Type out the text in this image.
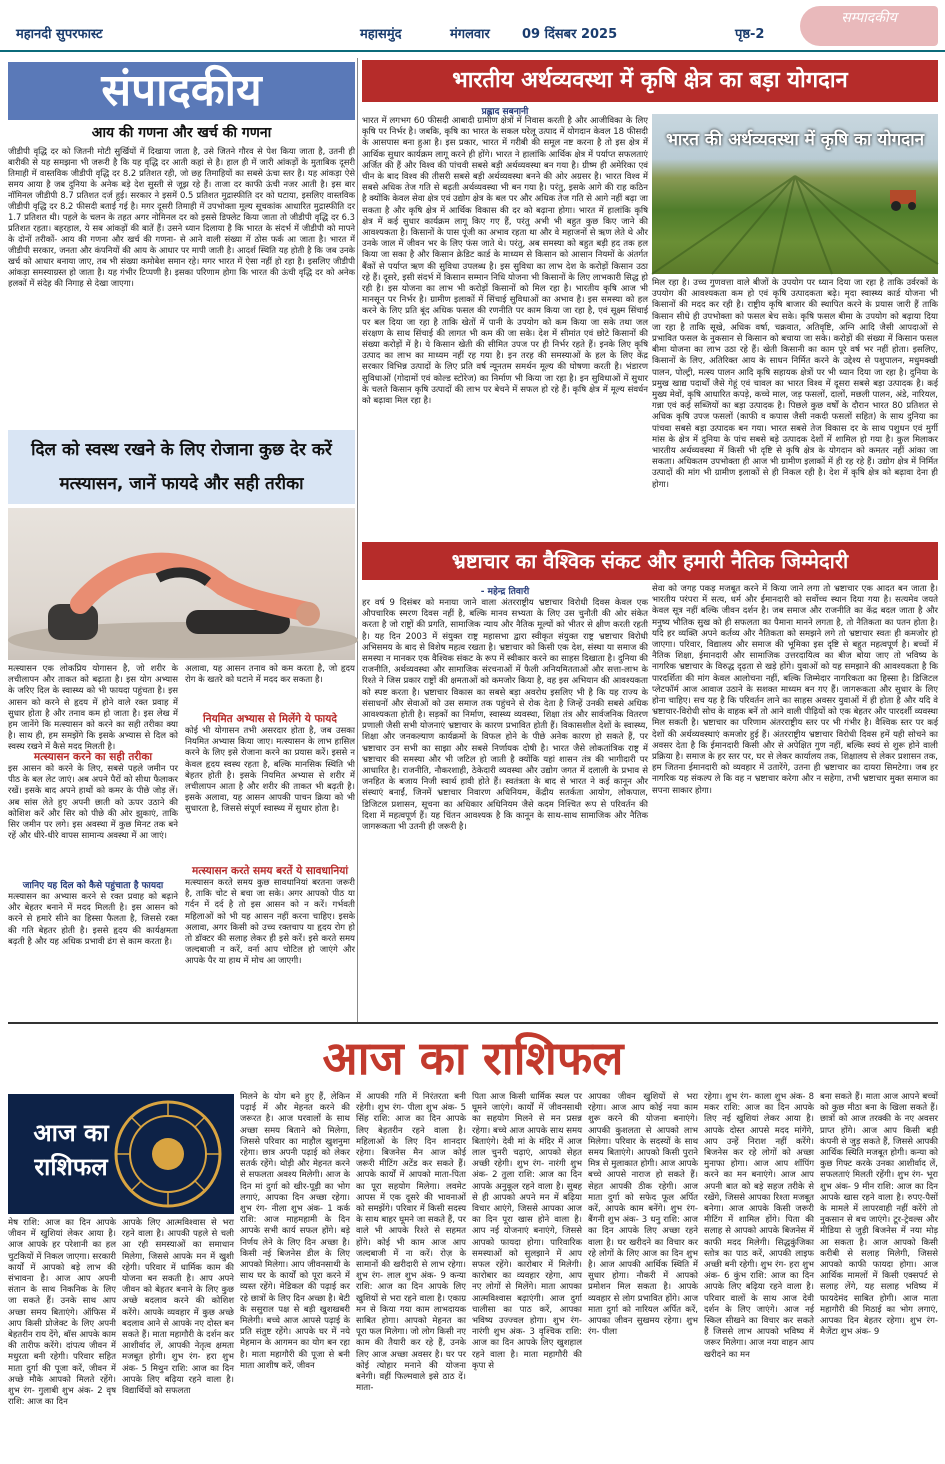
महानदी सुपरफास्ट	महासमुंद	मंगलवार 09 दिंसबर 2025	पृष्ठ-2
सम्पादकीय
संपादकीय
आय की गणना और खर्च की गणना
जीडीपी वृद्धि दर को जितनी मोटी सुर्खियों में दिखाया जाता है, उसे जितने गौरव से पेश किया जाता है, उतनी ही बारीकी से यह समझना भी जरूरी है कि यह वृद्धि दर आती कहां से है। हाल ही में जारी आंकड़ों के मुताबिक दूसरी तिमाही में वास्तविक जीडीपी वृद्धि दर 8.2 प्रतिशत रही, जो छह तिमाहियों का सबसे ऊंचा स्तर है। यह आंकड़ा ऐसे समय आया है जब दुनिया के अनेक बड़े देश सुस्ती से जूझ रहे हैं। ताजा दर काफी ऊंची नजर आती है। इस बार नॉमिनल जीडीपी 8.7 प्रतिशत दर्ज हुई। सरकार ने इसमें 0.5 प्रतिशत मुद्रास्फीति दर को घटाया, इसलिए वास्तविक जीडीपी वृद्धि दर 8.2 फीसदी बताई गई है। मगर दूसरी तिमाही में उपभोक्ता मूल्य सूचकांक आधारित मुद्रास्फीति दर 1.7 प्रतिशत थी। पहले के चलन के तहत अगर नोमिनल दर को इससे डिफ्लेट किया जाता तो जीडीपी वृद्धि दर 6.3 प्रतिशत रहता। बहरहाल, ये सब आंकड़ों की बातें हैं। उसने ध्यान दिलाया है कि भारत के संदर्भ में जीडीपी को मापने के दोनों तरीकों- आय की गणना और खर्च की गणना- से आने वाली संख्या में ठोस फर्क आ जाता है। भारत में जीडीपी सरकार, जनता और कंपनियों की आय के आधार पर मापी जाती है। आदर्श स्थिति यह होती है कि जब उनके खर्च को आधार बनाया जाए, तब भी संख्या कमोबेश समान रहे। मगर भारत में ऐसा नहीं हो रहा है। इसलिए जीडीपी आंकड़ा समस्याग्रस्त हो जाता है। यह गंभीर टिप्पणी है। इसका परिणाम होगा कि भारत की ऊंची वृद्धि दर को अनेक हलकों में संदेह की निगाह से देखा जाएगा।
दिल को स्वस्थ रखने के लिए रोजाना कुछ देर करें मत्स्यासन, जानें फायदे और सही तरीका
मत्स्यासन एक लोकप्रिय योगासन है, जो शरीर के लचीलापन और ताकत को बढ़ाता है। इस योग अभ्यास के जरिए दिल के स्वास्थ्य को भी फायदा पहुंचता है। इस आसन को करने से हृदय में होने वाले रक्त प्रवाह में सुधार होता है और तनाव कम हो जाता है। इस लेख में हम जानेंगे कि मत्स्यासन को करने का सही तरीका क्या है। साथ ही, हम समझेंगे कि इसके अभ्यास से दिल को स्वस्थ रखने में कैसे मदद मिलती है।
मत्स्यासन करने का सही तरीका
इस आसन को करने के लिए, सबसे पहले जमीन पर पीठ के बल लेट जाएं। अब अपने पैरों को सीधा फैलाकर रखें। इसके बाद अपने हाथों को कमर के पीछे जोड़ लें। अब सांस लेते हुए अपनी छाती को ऊपर उठाने की कोशिश करें और सिर को पीछे की ओर झुकाएं, ताकि सिर जमीन पर लगे। इस अवस्था में कुछ मिनट तक बने रहें और धीरे-धीरे वापस सामान्य अवस्था में आ जाएं।
जानिए यह दिल को कैसे पहुंचाता है फायदा
मत्स्यासन का अभ्यास करने से रक्त प्रवाह को बढ़ाने और बेहतर बनाने में मदद मिलती है। इस आसन को करने से हमारे सीने का हिस्सा फैलता है, जिससे रक्त की गति बेहतर होती है। इससे हृदय की कार्यक्षमता बढ़ती है और यह अधिक प्रभावी ढंग से काम करता है।
अलावा, यह आसन तनाव को कम करता है, जो हृदय रोग के खतरे को घटाने में मदद कर सकता है।
नियमित अभ्यास से मिलेंगे ये फायदे
कोई भी योगासन तभी असरदार होता है, जब उसका नियमित अभ्यास किया जाए। मत्स्यासन के लाभ हासिल करने के लिए इसे रोजाना करने का प्रयास करें। इससे न केवल हृदय स्वस्थ रहता है, बल्कि मानसिक स्थिति भी बेहतर होती है। इसके नियमित अभ्यास से शरीर में लचीलापन आता है और शरीर की ताकत भी बढ़ती है। इसके अलावा, यह आसन आपकी पाचन क्रिया को भी सुधारता है, जिससे संपूर्ण स्वास्थ्य में सुधार होता है।
मत्स्यासन करते समय बरतें ये सावधानियां
मत्स्यासन करते समय कुछ सावधानियां बरतना जरूरी है, ताकि चोट से बचा जा सके। अगर आपको पीठ या गर्दन में दर्द है तो इस आसन को न करें। गर्भवती महिलाओं को भी यह आसन नहीं करना चाहिए। इसके अलावा, अगर किसी को उच्च रक्तचाप या हृदय रोग हो तो डॉक्टर की सलाह लेकर ही इसे करें। इसे करते समय जल्दबाजी न करें, वर्ना आप चोटिल हो जाएंगे और आपके पैर या हाथ में मोच आ जाएगी।
भारतीय अर्थव्यवस्था में कृषि क्षेत्र का बड़ा योगदान
प्रह्लाद सबनानी
भारत में लगभग 60 फीसदी आबादी ग्रामीण क्षेत्रों में निवास करती है और आजीविका के लिए कृषि पर निर्भर है। जबकि, कृषि का भारत के सकल घरेलू उत्पाद में योगदान केवल 18 फीसदी के आसपास बना हुआ है। इस प्रकार, भारत में गरीबी की समूल नष्ट करना है तो इस क्षेत्र में आर्थिक सुधार कार्यक्रम लागू करने ही होंगे। भारत ने हालांकि आर्थिक क्षेत्र में पर्याप्त सफलताएं अर्जित की हैं और विश्व की पांचवी सबसे बड़ी अर्थव्यवस्था बन गया है। ग्रीष्म ही अमेरिका एवं चीन के बाद विश्व की तीसरी सबसे बड़ी अर्थव्यवस्था बनने की ओर अग्रसर है। भारत विश्व में सबसे अधिक तेज गति से बढ़ती अर्थव्यवस्था भी बन गया है। परंतु, इसके आगे की राह कठिन है क्योंकि केवल सेवा क्षेत्र एवं उद्योग क्षेत्र के बल पर और अधिक तेज गति से आगे नहीं बढ़ा जा सकता है और कृषि क्षेत्र में आर्थिक विकास की दर को बढ़ाना होगा। भारत में हालांकि कृषि क्षेत्र में कई सुधार कार्यक्रम लागू किए गए हैं, परंतु अभी भी बहुत कुछ किए जाने की आवश्यकता है। किसानों के पास पूंजी का अभाव रहता था और वे महाजनों से ऋण लेते थे और उनके जाल में जीवन भर के लिए फंस जाते थे। परंतु, अब समस्या को बहुत बड़ी हद तक हल किया जा सका है और किसान क्रेडिट कार्ड के माध्यम से किसान को आसान नियमों के अंतर्गत बैंकों से पर्याप्त ऋण की सुविधा उपलब्ध है। इस सुविधा का लाभ देश के करोड़ों किसान उठा रहे हैं। दूसरे, इसी संदर्भ में किसान सम्मान निधि योजना भी किसानों के लिए लाभकारी सिद्ध हो रही है। इस योजना का लाभ भी करोड़ों किसानों को मिल रहा है। भारतीय कृषि आज भी मानसून पर निर्भर है। ग्रामीण इलाकों में सिंचाई सुविधाओं का अभाव है। इस समस्या को हल करने के लिए प्रति बूंद अधिक फसल की रणनीति पर काम किया जा रहा है, एवं सूक्ष्म सिंचाई पर बल दिया जा रहा है ताकि खेतों में पानी के उपयोग को कम किया जा सके तथा जल संरक्षण के साथ सिंचाई की लागत भी कम की जा सके। देश में सीमांत एवं छोटे किसानों की संख्या करोड़ों में है। ये किसान खेती की सीमित उपज पर ही निर्भर रहते हैं। इनके लिए कृषि उत्पाद का लाभ का माध्यम नहीं रह गया है। इन तरह की समस्याओं के हल के लिए केंद्र सरकार विभिन्न उत्पादों के लिए प्रति वर्ष न्यूनतम समर्थन मूल्य की घोषणा करती है। भंडारण सुविधाओं (गोदामों एवं कोल्ड स्टोरेज) का निर्माण भी किया जा रहा है। इन सुविधाओं में सुधार के चलते किसान कृषि उत्पादों की लाभ पर बेचने में सफल हो रहे हैं। कृषि क्षेत्र में मूल्य संवर्धन को बढ़ावा मिल रहा है।
भारत की अर्थव्यवस्था में कृषि का योगदान
मिल रहा है। उच्च गुणवत्ता वाले बीजों के उपयोग पर ध्यान दिया जा रहा है ताकि उर्वरकों के उपयोग की आवश्यकता कम हो एवं कृषि उत्पादकता बढ़े। मृदा स्वास्थ्य कार्ड योजना भी किसानों की मदद कर रही है। राष्ट्रीय कृषि बाजार की स्थापित करने के प्रयास जारी हैं ताकि किसान सीधे ही उपभोक्ता को फसल बेच सके। कृषि फसल बीमा के उपयोग को बढ़ाया दिया जा रहा है ताकि सूखे, अधिक वर्षा, चक्रवात, अतिवृष्टि, अग्नि आदि जैसी आपदाओं से प्रभावित फसल के नुकसान से किसान को बचाया जा सके। करोड़ों की संख्या में किसान फसल बीमा योजना का लाभ उठा रहे हैं। खेती किसानी का काम पूरे वर्ष भर नहीं होता। इसलिए, किसानों के लिए, अतिरिक्त आय के साधन निर्मित करने के उद्देश्य से पशुपालन, मधुमक्खी पालन, पोल्ट्री, मत्स्य पालन आदि कृषि सहायक क्षेत्रों पर भी ध्यान दिया जा रहा है। दुनिया के प्रमुख खाद्य पदार्थों जैसे गेहूं एवं चावल का भारत विश्व में दूसरा सबसे बड़ा उत्पादक है। कई मुख्य मेवों, कृषि आधारित कपड़े, कच्चे माल, जड़ फसलों, दालों, मछली पालन, अंडे, नारियल, गन्ना एवं कई सब्जियों का बड़ा उत्पादक है। पिछले कुछ वर्षों के दौरान भारत 80 प्रतिशत से अधिक कृषि उपज फसलों (काफी व कपास जैसी नकदी फसलों सहित) के साथ दुनिया का पांचवा सबसे बड़ा उत्पादक बन गया। भारत सबसे तेज विकास दर के साथ पशुधन एवं मुर्गी मांस के क्षेत्र में दुनिया के पांच सबसे बड़े उत्पादक देशों में शामिल हो गया है। कुल मिलाकर भारतीय अर्थव्यवस्था में किसी भी दृष्टि से कृषि क्षेत्र के योगदान को कमतर नहीं आंका जा सकता। अधिकतम उपभोक्ता ही आज भी ग्रामीण इलाकों में ही रह रहे हैं। उद्योग क्षेत्र में निर्मित उत्पादों की मांग भी ग्रामीण इलाकों से ही निकल रही है। देश में कृषि क्षेत्र को बढ़ावा देना ही होगा।
भ्रष्टाचार का वैश्विक संकट और हमारी नैतिक जिम्मेदारी
- महेन्द्र तिवारी
हर वर्ष 9 दिसंबर को मनाया जाने वाला अंतरराष्ट्रीय भ्रष्टाचार विरोधी दिवस केवल एक औपचारिक स्मरण दिवस नहीं है, बल्कि मानव सभ्यता के लिए उस चुनौती की ओर संकेत करता है जो राष्ट्रों की प्रगति, सामाजिक न्याय और नैतिक मूल्यों को भीतर से क्षीण करती रहती है। यह दिन 2003 में संयुक्त राष्ट्र महासभा द्वारा स्वीकृत संयुक्त राष्ट्र भ्रष्टाचार विरोधी अभिसमय के बाद से विशेष महत्व रखता है। भ्रष्टाचार को किसी एक देश, संस्था या समाज की समस्या न मानकर एक वैश्विक संकट के रूप में स्वीकार करने का साहस दिखाता है। दुनिया की राजनीति, अर्थव्यवस्था और सामाजिक संरचनाओं में फैली अनियमितताओं और सत्ता-लाभ के रिश्ते ने जिस प्रकार राष्ट्रों की क्षमताओं को कमजोर किया है, वह इस अभियान की आवश्यकता को स्पष्ट करता है। भ्रष्टाचार विकास का सबसे बड़ा अवरोध इसलिए भी है कि यह राज्य के संसाधनों और सेवाओं को उस समाज तक पहुंचने से रोक देता है जिन्हें उनकी सबसे अधिक आवश्यकता होती है। सड़कों का निर्माण, स्वास्थ्य व्यवस्था, शिक्षा तंत्र और सार्वजनिक वितरण प्रणाली जैसी सभी योजनाएं भ्रष्टाचार के कारण प्रभावित होती हैं। विकासशील देशों के स्वास्थ्य, शिक्षा और जनकल्याण कार्यक्रमों के विफल होने के पीछे अनेक कारण हो सकते हैं, पर भ्रष्टाचार उन सभी का साझा और सबसे निर्णायक दोषी है। भारत जैसे लोकतांत्रिक राष्ट्र में भ्रष्टाचार की समस्या और भी जटिल हो जाती है क्योंकि यहां शासन तंत्र की भागीदारी पर आधारित है। राजनीति, नौकरशाही, ठेकेदारी व्यवस्था और उद्योग जगत में दलाली के प्रभाव से जनहित के बजाय निजी स्वार्थ हावी होते हैं। स्वतंत्रता के बाद से भारत ने कई कानून और संस्थाएं बनाईं, जिनमें भ्रष्टाचार निवारण अधिनियम, केंद्रीय सतर्कता आयोग, लोकपाल, डिजिटल प्रशासन, सूचना का अधिकार अधिनियम जैसे कदम निश्चित रूप से परिवर्तन की दिशा में महत्वपूर्ण हैं। यह चिंतन आवश्यक है कि कानून के साथ-साथ सामाजिक और नैतिक जागरूकता भी उतनी ही जरूरी है।
सेवा को जगह पकड़ मजबूत करने में किया जाने लगा तो भ्रष्टाचार एक आदत बन जाता है। भारतीय परंपरा में सत्य, धर्म और ईमानदारी को सर्वोच्च स्थान दिया गया है। सत्यमेव जयते केवल सूत्र नहीं बल्कि जीवन दर्शन है। जब समाज और राजनीति का केंद्र बदल जाता है और मनुष्य भौतिक सुख को ही सफलता का पैमाना मानने लगता है, तो नैतिकता का पतन होता है। यदि हर व्यक्ति अपने कर्तव्य और नैतिकता को समझने लगे तो भ्रष्टाचार स्वतः ही कमजोर हो जाएगा। परिवार, विद्यालय और समाज की भूमिका इस दृष्टि से बहुत महत्वपूर्ण है। बच्चों में नैतिक शिक्षा, ईमानदारी और सामाजिक उत्तरदायित्व का बीज बोया जाए तो भविष्य के नागरिक भ्रष्टाचार के विरुद्ध दृढ़ता से खड़े होंगे। युवाओं को यह समझाने की आवश्यकता है कि पारदर्शिता की मांग केवल आलोचना नहीं, बल्कि जिम्मेदार नागरिकता का हिस्सा है। डिजिटल प्लेटफॉर्म आज आवाज उठाने के सशक्त माध्यम बन गए हैं। जागरूकता और सुधार के लिए होना चाहिए। सच यह है कि परिवर्तन लाने का साहस अवसर युवाओं में ही होता है और यदि वे भ्रष्टाचार-विरोधी सोच के वाहक बनें तो आने वाली पीढ़ियों को एक बेहतर और पारदर्शी व्यवस्था मिल सकती है। भ्रष्टाचार का परिणाम अंतरराष्ट्रीय स्तर पर भी गंभीर है। वैश्विक स्तर पर कई देशों की अर्थव्यवस्थाएं कमजोर हुई हैं। अंतरराष्ट्रीय भ्रष्टाचार विरोधी दिवस हमें यही सोचने का अवसर देता है कि ईमानदारी किसी और से अपेक्षित गुण नहीं, बल्कि स्वयं से शुरू होने वाली प्रक्रिया है। समाज के हर स्तर पर, घर से लेकर कार्यालय तक, शिक्षालय से लेकर प्रशासन तक, हम जितना ईमानदारी को व्यवहार में उतारेंगे, उतना ही भ्रष्टाचार का दायरा सिमटेगा। जब हर नागरिक यह संकल्प ले कि वह न भ्रष्टाचार करेगा और न सहेगा, तभी भ्रष्टाचार मुक्त समाज का सपना साकार होगा।
आज का राशिफल
आज का
राशिफल
मेष राशि: आज का दिन आपके जीवन में खुशियां लेकर आया है। आज आपके हर परेशानी का हल चुटकियों में निकल जाएगा। सरकारी कार्यों में आपको बड़े लाभ की संभावना है। आज आप अपनी संतान के साथ निकनिक के लिए जा सकते हैं। उनके साथ आप अच्छा समय बिताएंगे। ऑफिस में आप किसी प्रोजेक्ट के लिए अपनी बेहतरीन राय देंगे, बॉस आपके काम की तारीफ करेंगे। दांपत्य जीवन में मधुरता बनी रहेगी। परिवार सहित माता दुर्गा की पूजा करें, जीवन में अच्छे मौके आपको मिलते रहेंगे। शुभ रंग- गुलाबी शुभ अंक- 2 वृष राशि: आज का दिन
आपके लिए आत्मविश्वास से भरा रहने वाला है। आपकी पहले से चली आ रही समस्याओं का समाधान मिलेगा, जिससे आपके मन में खुशी रहेगी। परिवार में धार्मिक काम की योजना बन सकती है। आप अपने जीवन को बेहतर बनाने के लिए कुछ अच्छे बदलाव करने की कोशिश करेंगे। आपके व्यवहार में कुछ अच्छे बदलाव आने से आपके नए दोस्त बन सकते हैं। माता महागौरी के दर्शन कर आशीर्वाद लें, आपकी नेतृत्व क्षमता मजबूत होगी। शुभ रंग- हरा शुभ अंक- 5 मिथुन राशि: आज का दिन आपके लिए बढ़िया रहने वाला है। विद्यार्थियों को सफलता
मिलने के योग बने हुए हैं, लेकिन पढ़ाई में और मेहनत करने की जरूरत है। आज घरवालों के साथ अच्छा समय बिताने को मिलेगा, जिससे परिवार का माहौल खुशनुमा रहेगा। छात्र अपनी पढ़ाई को लेकर सतर्क रहेंगे। थोड़ी और मेहनत करने से सफलता अवश्य मिलेगी। आज के दिन मां दुर्गा को खीर-पूड़ी का भोग लगाएं, आपका दिन अच्छा रहेगा। शुभ रंग- नीला शुभ अंक- 1 कर्क राशि: आज माहमहामी के दिन आपके सभी कार्य सफल होंगे। बड़े निर्णय लेने के लिए दिन अच्छा है। किसी नई बिजनेस डील के लिए आपको मिलेगा। आप जीवनसाथी के साथ घर के कार्यों को पूरा करने में व्यस्त रहेंगे। मेडिकल की पढ़ाई कर रहे छात्रों के लिए दिन अच्छा है। बेटी के ससुराल पक्ष से बड़ी खुशखबरी मिलेगी। बच्चे आज आपसे पढ़ाई के प्रति संतुष्ट रहेंगे। आपके घर में नये मेहमान के आगमन का योग बन रहा है। माता महागौरी की पूजा से बनी माता आशीष करें, जीवन
में आपकी गति में निरंतरता बनी रहेगी। शुभ रंग- पीला शुभ अंक- 5 सिंह राशि: आज का दिन आपके लिए बेहतरीन रहने वाला है। महिलाओं के लिए दिन शानदार रहेगा। बिजनेस मैन आज कोई जरूरी मीटिंग अटेंड कर सकते हैं। आपके कार्यों में आपको माता-पिता का पूरा सहयोग मिलेगा। लवमेट आपस में एक दूसरे की भावनाओं को समझेंगे। परिवार में किसी सदस्य के साथ बाहर घूमने जा सकते हैं, पर वाले भी आपके रिश्ते से सहमत होंगे। कोई भी काम आज आप जल्दबाजी में ना करें। रोज़ के सामानों की खरीदारी से लाभ रहेगा। शुभ रंग- लाल शुभ अंक- 9 कन्या राशि: आज का दिन आपके लिए खुशियों से भरा रहने वाला है। एकाग्र मन से किया गया काम लाभदायक साबित होगा। आपको मेहनत का पूरा फल मिलेगा। जो लोग किसी नए काम की तैयारी कर रहे हैं, उनके लिए आज अच्छा अवसर है। घर पर कोई त्योहार मनाने की योजना बनेगी। वहीं फिल्मवाले इसे ठाठ दें। माता-
पिता आज किसी धार्मिक स्थल पर घूमने जाएंगे। कार्यों में जीवनसाथी का सहयोग मिलने से मन प्रसन्न रहेगा। बच्चे आज आपके साथ समय बिताएंगे। देवी मां के मंदिर में आज लाल चुनरी चढ़ाएं, आपको सेहत अच्छी रहेगी। शुभ रंग- नारंगी शुभ अंक- 2 तुला राशि: आज का दिन आपके अनुकूल रहने वाला है। सुबह से ही आपको अपने मन में बढ़िया विचार आएंगे, जिससे आपका आज का दिन पूरा खास होने वाला है। आप नई योजनाएं बनाएंगे, जिससे आपको फायदा होगा। पारिवारिक समस्याओं को सुलझाने में आप सफल रहेंगे। कारोबार में मिलेगी। कारोबार का व्यवहार रहेगा, आप नए लोगों से मिलेंगे। माता आपका आत्मविश्वास बढ़ाएंगी। आज दुर्गा चालीसा का पाठ करें, आपका भविष्य उज्ज्वल होगा। शुभ रंग- नारंगी शुभ अंक- 3 वृश्चिक राशि: आज का दिन आपके लिए खुशहाल रहने वाला है। माता महागौरी की कृपा से
आपका जीवन खुशियों से भरा रहेगा। आज आप कोई नया काम शुरू करने की योजना बनाएंगे। आपकी कुशलता से आपको लाभ मिलेगा। परिवार के सदस्यों के साथ समय बिताएंगे। आपको किसी पुराने मित्र से मुलाकात होगी। आज आपके बच्चे आपसे नाराज हो सकते हैं। सेहत आपकी ठीक रहेगी। आज माता दुर्गा को सफेद फूल अर्पित करें, आपके काम बनेंगे। शुभ रंग- बैंगनी शुभ अंक- 3 धनु राशि: आज का दिन आपके लिए अच्छा रहने वाला है। घर खरीदने का विचार कर रहे लोगों के लिए आज का दिन शुभ है। आज आपकी आर्थिक स्थिति में सुधार होगा। नौकरी में आपको प्रमोशन मिल सकता है। आपके व्यवहार से लोग प्रभावित होंगे। आज माता दुर्गा को नारियल अर्पित करें, आपका जीवन सुखमय रहेगा। शुभ रंग- पीला
रहेगा। शुभ रंग- काला शुभ अंक- 8 मकर राशि: आज का दिन आपके लिए नई खुशियां लेकर आया है। आपके दोस्त आपसे मदद मांगेंगे, आप उन्हें निराश नहीं करेंगे। बिजनेस कर रहे लोगों को अच्छा मुनाफा होगा। आज आप शॉपिंग करने का मन बनाएंगे। आज आप अपनी बात को बड़े सहज तरीके से रखेंगे, जिससे आपका रिश्ता मजबूत बनेगा। आज आपके किसी जरूरी मीटिंग में शामिल होंगे। पिता की सलाह से आपको आपके बिजनेस में काफी मदद मिलेगी। सिद्धकुंजिका स्तोत्र का पाठ करें, आपकी लाइफ अच्छी बनी रहेगी। शुभ रंग- हरा शुभ अंक- 6 कुंभ राशि: आज का दिन आपके लिए बढ़िया रहने वाला है। परिवार वालों के साथ आज देवी दर्शन के लिए जाएंगे। आज नई स्किल सीखने का विचार कर सकते हैं जिससे लाभ आपको भविष्य में जरूर मिलेगा। आज नया वाहन आप खरीदने का मन
बना सकते हैं। माता आज आपने बच्चों को कुछ मीठा बना के खिला सकते हैं। छात्रों को आज तरक्की के नए अवसर प्राप्त होंगे। आज आप किसी बड़ी कंपनी से जुड़ सकते हैं, जिससे आपकी आर्थिक स्थिति मजबूत होगी। कन्या को कुछ गिफ्ट करके उनका आशीर्वाद लें, सफलताएं मिलती रहेंगी। शुभ रंग- भूरा शुभ अंक- 9 मीन राशि: आज का दिन आपके खास रहने वाला है। रुपए-पैसों के मामले में लापरवाही नहीं करेंगे तो नुकसान से बच जाएंगे। टूर-ट्रेवल्स और मीडिया से जुड़ी बिजनेस में नया मोड़ आ सकता है। आज आपको किसी करीबी से सलाह मिलेगी, जिससे आपको काफी फायदा होगा। आज आर्थिक मामलों में किसी एक्सपर्ट से सलाह लेंगे, यह सलाह भविष्य में फायदेमंद साबित होगी। आज माता महागौरी की मिठाई का भोग लगाएं, आपका दिन बेहतर रहेगा। शुभ रंग- मैजेंटा शुभ अंक- 9
